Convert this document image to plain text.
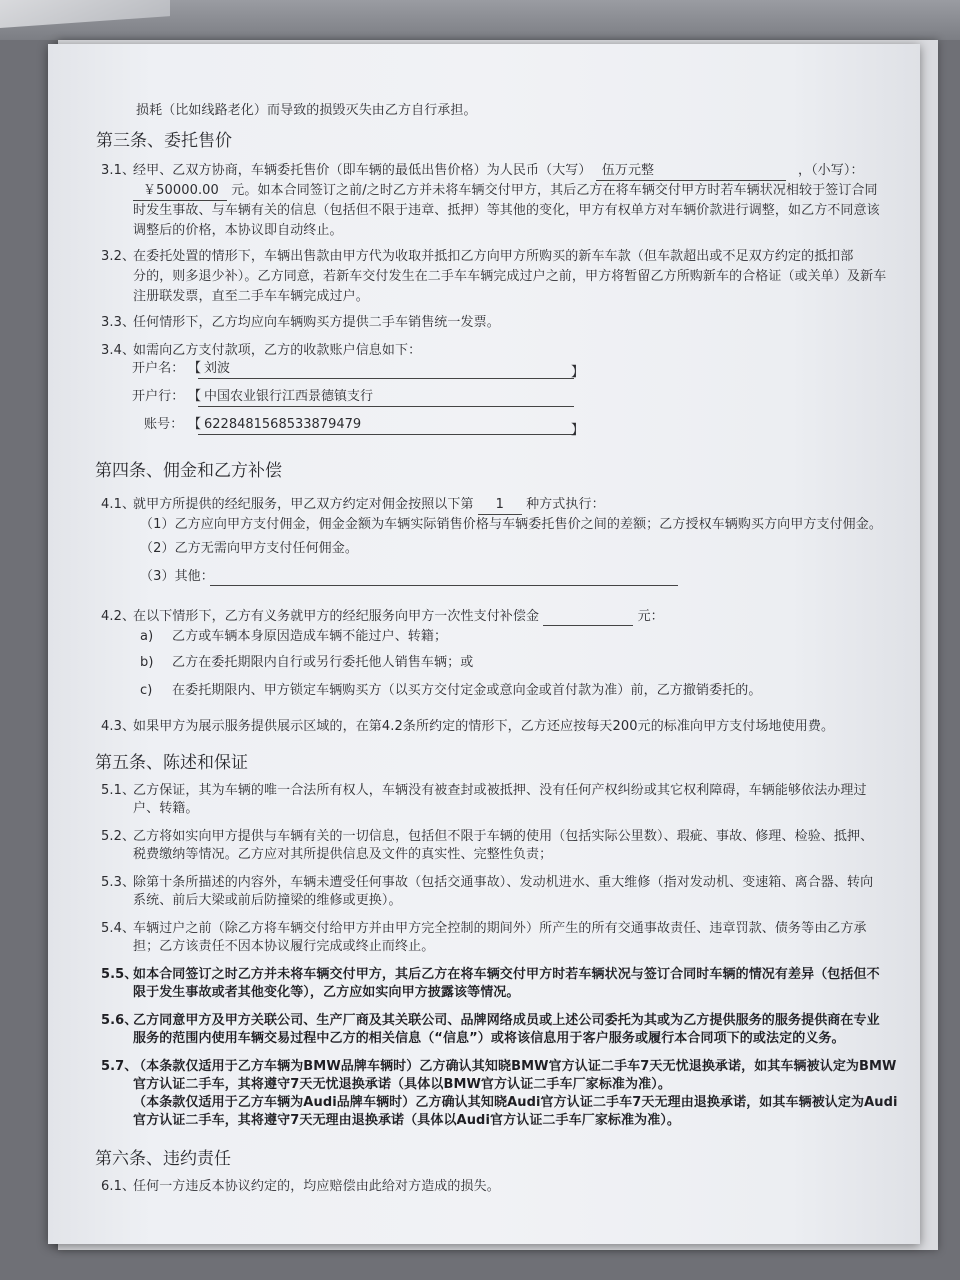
损耗（比如线路老化）而导致的损毁灭失由乙方自行承担。
第三条、委托售价
3.1、
经甲、乙双方协商，车辆委托售价（即车辆的最低出售价格）为人民币（大写） 伍万元整	，（小写）：
￥50000.00 元。如本合同签订之前/之时乙方并未将车辆交付甲方，其后乙方在将车辆交付甲方时若车辆状况相较于签订合同
时发生事故、与车辆有关的信息（包括但不限于违章、抵押）等其他的变化，甲方有权单方对车辆价款进行调整，如乙方不同意该
调整后的价格，本协议即自动终止。
3.2、
在委托处置的情形下，车辆出售款由甲方代为收取并抵扣乙方向甲方所购买的新车车款（但车款超出或不足双方约定的抵扣部
分的，则多退少补）。乙方同意，若新车交付发生在二手车车辆完成过户之前，甲方将暂留乙方所购新车的合格证（或关单）及新车
注册联发票，直至二手车车辆完成过户。
3.3、
任何情形下，乙方均应向车辆购买方提供二手车销售统一发票。
3.4、
如需向乙方支付款项，乙方的收款账户信息如下：
开户名： 【 刘波	】
开户行： 【 中国农业银行江西景德镇支行
账号： 【 6228481568533879479	】
第四条、佣金和乙方补偿
4.1、
就甲方所提供的经纪服务，甲乙双方约定对佣金按照以下第 1 种方式执行：
（1）乙方应向甲方支付佣金，佣金金额为车辆实际销售价格与车辆委托售价之间的差额；乙方授权车辆购买方向甲方支付佣金。
（2）乙方无需向甲方支付任何佣金。
（3）其他：
4.2、
在以下情形下，乙方有义务就甲方的经纪服务向甲方一次性支付补偿金	元：
a) 乙方或车辆本身原因造成车辆不能过户、转籍；
b) 乙方在委托期限内自行或另行委托他人销售车辆；或
c) 在委托期限内、甲方锁定车辆购买方（以买方交付定金或意向金或首付款为准）前，乙方撤销委托的。
4.3、
如果甲方为展示服务提供展示区域的，在第4.2条所约定的情形下，乙方还应按每天200元的标准向甲方支付场地使用费。
第五条、陈述和保证
5.1、
乙方保证，其为车辆的唯一合法所有权人，车辆没有被查封或被抵押、没有任何产权纠纷或其它权利障碍，车辆能够依法办理过
户、转籍。
5.2、
乙方将如实向甲方提供与车辆有关的一切信息，包括但不限于车辆的使用（包括实际公里数）、瑕疵、事故、修理、检验、抵押、
税费缴纳等情况。乙方应对其所提供信息及文件的真实性、完整性负责；
5.3、
除第十条所描述的内容外，车辆未遭受任何事故（包括交通事故）、发动机进水、重大维修（指对发动机、变速箱、离合器、转向
系统、前后大梁或前后防撞梁的维修或更换）。
5.4、
车辆过户之前（除乙方将车辆交付给甲方并由甲方完全控制的期间外）所产生的所有交通事故责任、违章罚款、债务等由乙方承
担；乙方该责任不因本协议履行完成或终止而终止。
5.5、
如本合同签订之时乙方并未将车辆交付甲方，其后乙方在将车辆交付甲方时若车辆状况与签订合同时车辆的情况有差异（包括但不
限于发生事故或者其他变化等），乙方应如实向甲方披露该等情况。
5.6、
乙方同意甲方及甲方关联公司、生产厂商及其关联公司、品牌网络成员或上述公司委托为其或为乙方提供服务的服务提供商在专业
服务的范围内使用车辆交易过程中乙方的相关信息（“信息”）或将该信息用于客户服务或履行本合同项下的或法定的义务。
5.7、
（本条款仅适用于乙方车辆为BMW品牌车辆时）乙方确认其知晓BMW官方认证二手车7天无忧退换承诺，如其车辆被认定为BMW
官方认证二手车，其将遵守7天无忧退换承诺（具体以BMW官方认证二手车厂家标准为准）。
（本条款仅适用于乙方车辆为Audi品牌车辆时）乙方确认其知晓Audi官方认证二手车7天无理由退换承诺，如其车辆被认定为Audi
官方认证二手车，其将遵守7天无理由退换承诺（具体以Audi官方认证二手车厂家标准为准）。
第六条、违约责任
6.1、
任何一方违反本协议约定的，均应赔偿由此给对方造成的损失。
